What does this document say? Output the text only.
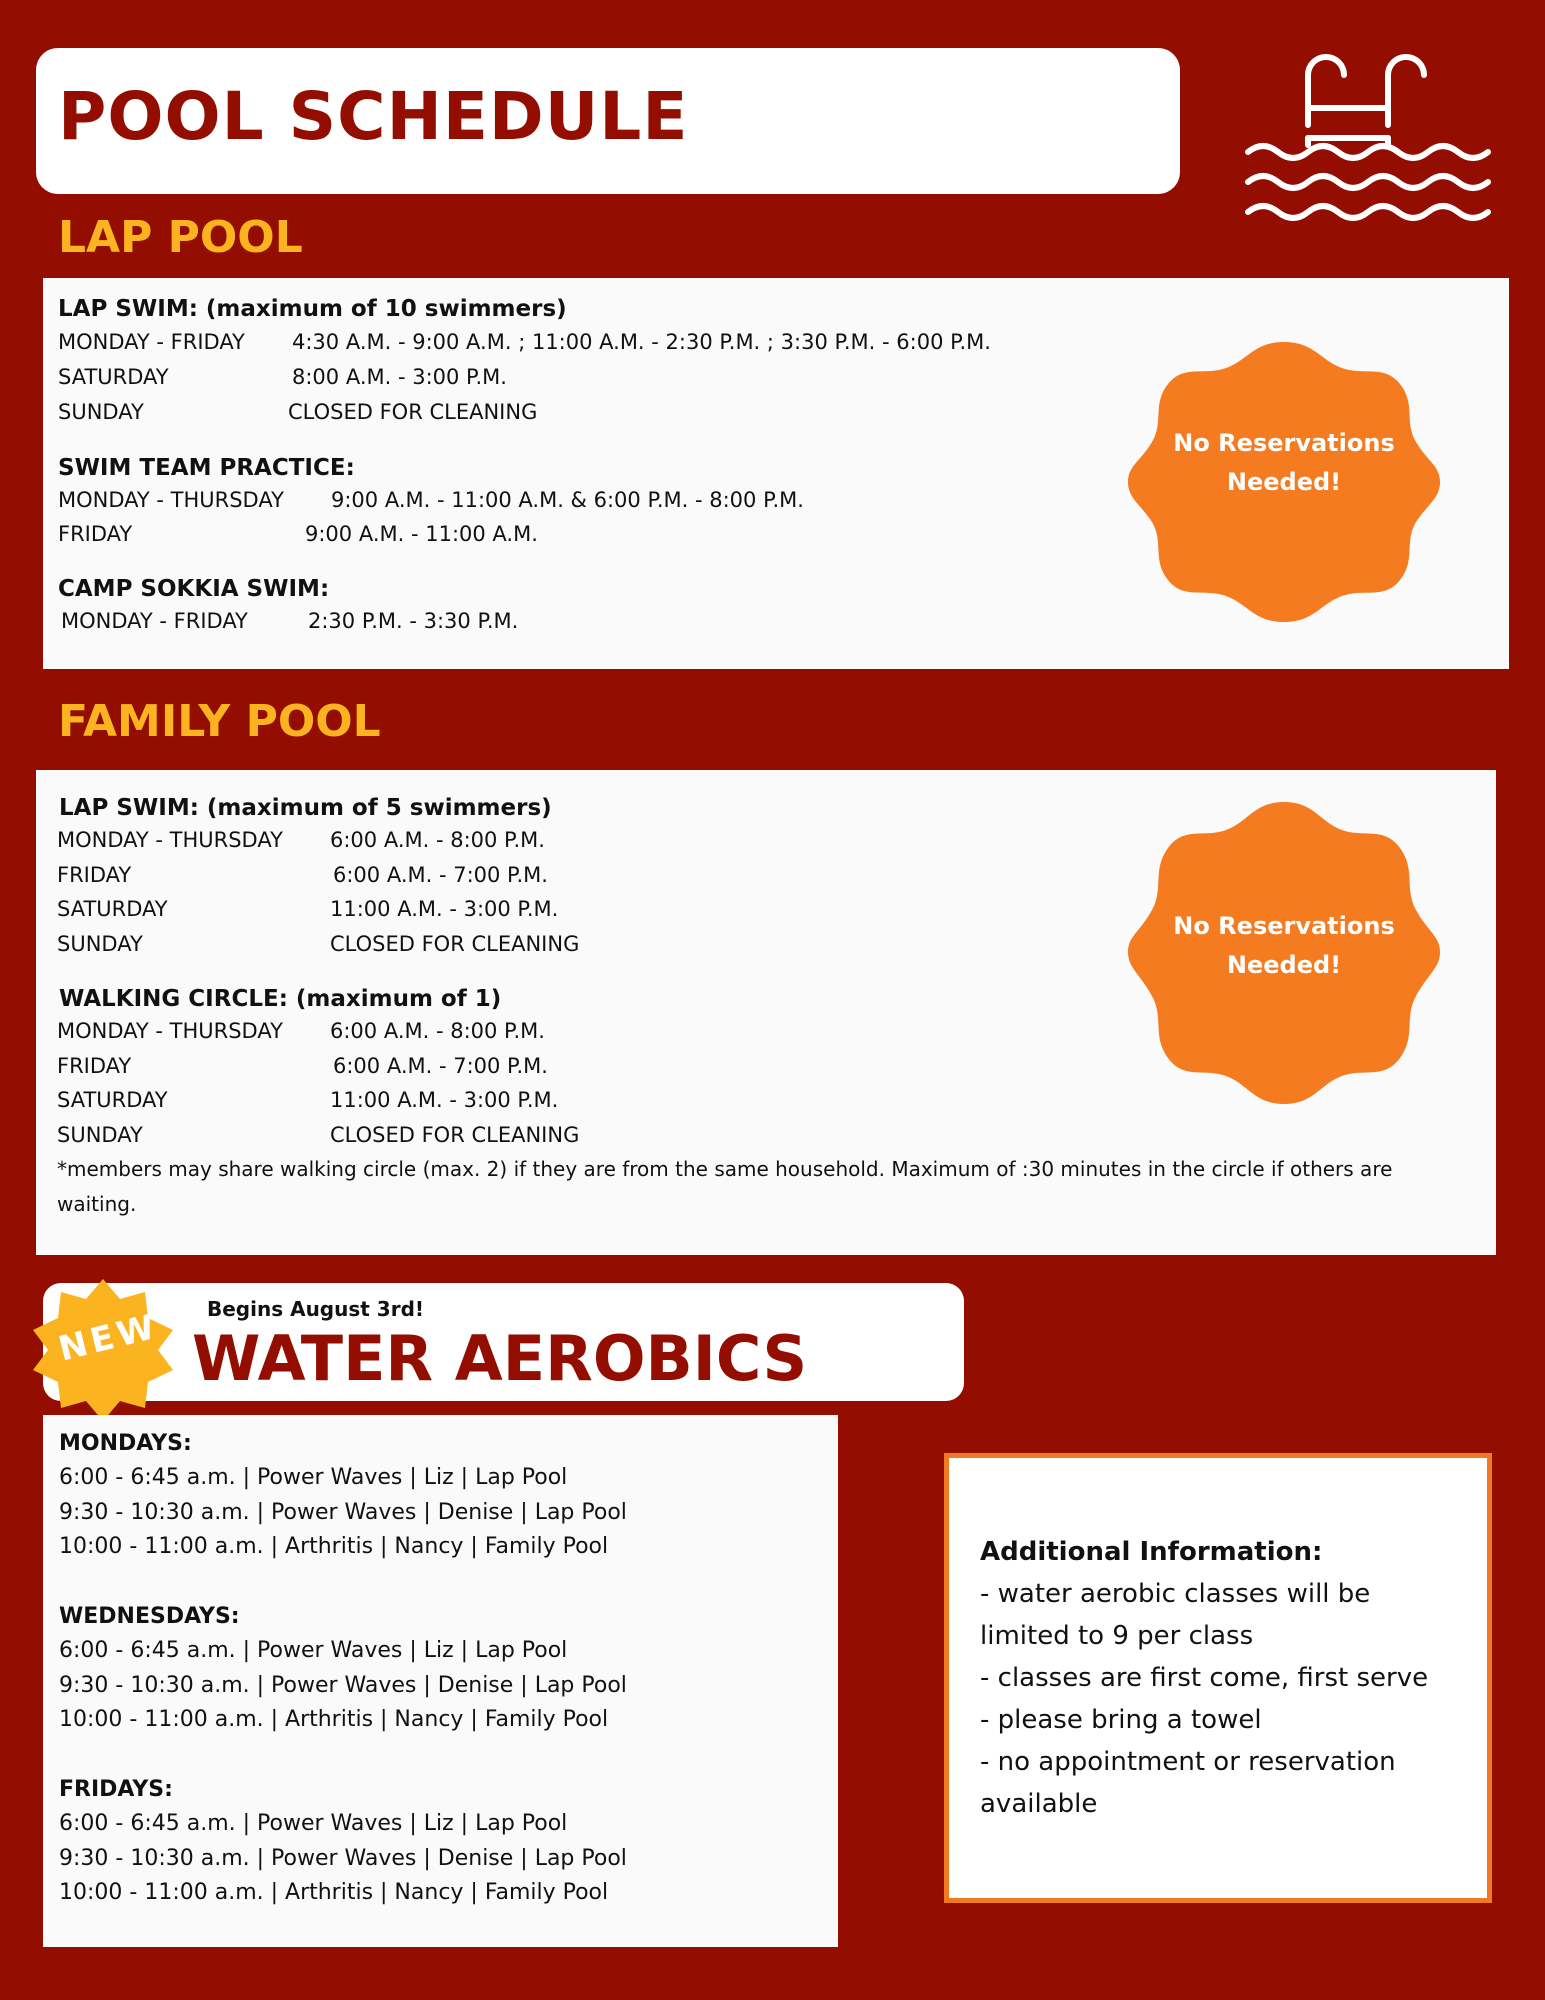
POOL SCHEDULE
LAP POOL
LAP SWIM: (maximum of 10 swimmers)
MONDAY - FRIDAY 4:30 A.M. - 9:00 A.M. ; 11:00 A.M. - 2:30 P.M. ; 3:30 P.M. - 6:00 P.M.
SATURDAY	8:00 A.M. - 3:00 P.M.
SUNDAY	CLOSED FOR CLEANING
SWIM TEAM PRACTICE:
MONDAY - THURSDAY 9:00 A.M. - 11:00 A.M. & 6:00 P.M. - 8:00 P.M.
FRIDAY	9:00 A.M. - 11:00 A.M.
CAMP SOKKIA SWIM:
MONDAY - FRIDAY	2:30 P.M. - 3:30 P.M.
No Reservations
Needed!
FAMILY POOL
LAP SWIM: (maximum of 5 swimmers)
MONDAY - THURSDAY 6:00 A.M. - 8:00 P.M.
FRIDAY	6:00 A.M. - 7:00 P.M.
SATURDAY	11:00 A.M. - 3:00 P.M.
SUNDAY	CLOSED FOR CLEANING
WALKING CIRCLE: (maximum of 1)
MONDAY - THURSDAY 6:00 A.M. - 8:00 P.M.
FRIDAY	6:00 A.M. - 7:00 P.M.
SATURDAY	11:00 A.M. - 3:00 P.M.
SUNDAY	CLOSED FOR CLEANING
*members may share walking circle (max. 2) if they are from the same household. Maximum of :30 minutes in the circle if others are waiting.
No Reservations
Needed!
NEW Begins August 3rd!
WATER AEROBICS
MONDAYS:
6:00 - 6:45 a.m. | Power Waves | Liz | Lap Pool
9:30 - 10:30 a.m. | Power Waves | Denise | Lap Pool
10:00 - 11:00 a.m. | Arthritis | Nancy | Family Pool
WEDNESDAYS:
6:00 - 6:45 a.m. | Power Waves | Liz | Lap Pool
9:30 - 10:30 a.m. | Power Waves | Denise | Lap Pool
10:00 - 11:00 a.m. | Arthritis | Nancy | Family Pool
FRIDAYS:
6:00 - 6:45 a.m. | Power Waves | Liz | Lap Pool
9:30 - 10:30 a.m. | Power Waves | Denise | Lap Pool
10:00 - 11:00 a.m. | Arthritis | Nancy | Family Pool
Additional Information:
- water aerobic classes will be
limited to 9 per class
- classes are first come, first serve
- please bring a towel
- no appointment or reservation
available
